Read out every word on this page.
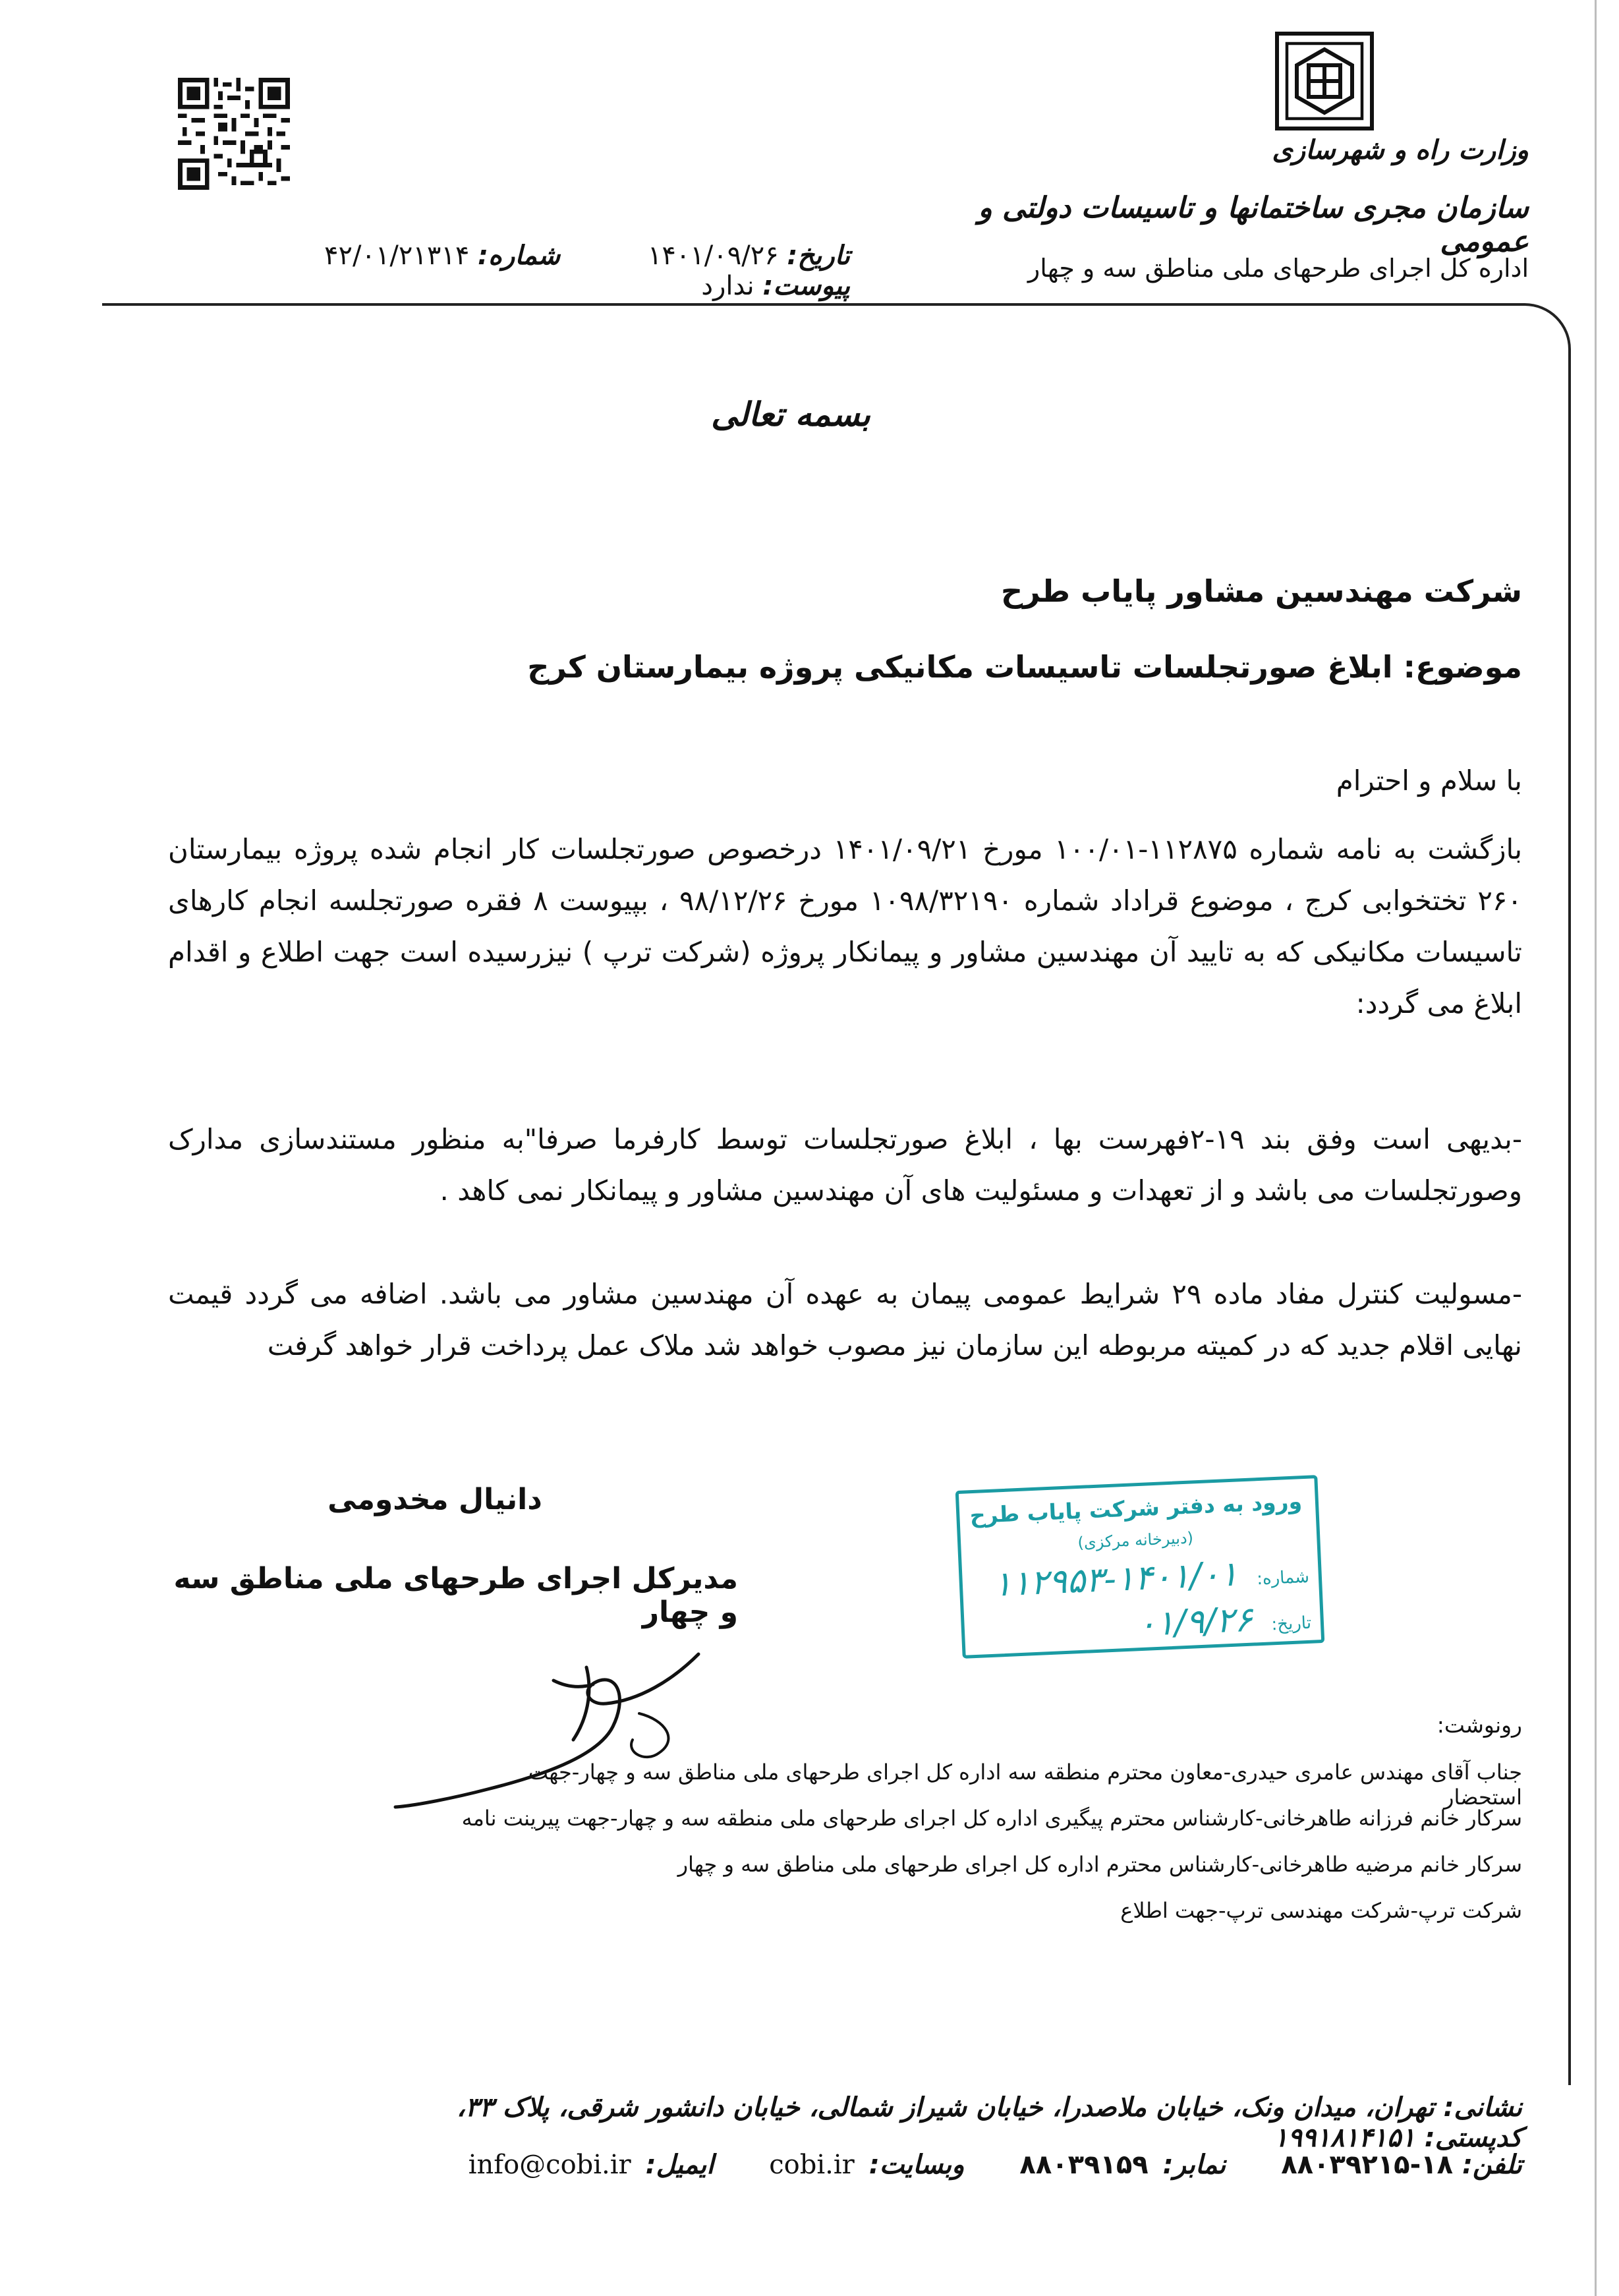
وزارت راه و شهرسازی
سازمان مجری ساختمانها و تاسیسات دولتی و عمومی
اداره کل اجرای طرحهای ملی مناطق سه و چهار
شماره: ۴۲/۰۱/۲۱۳۱۴	تاریخ: ۱۴۰۱/۰۹/۲۶ پیوست: ندارد
بسمه تعالی
شرکت مهندسین مشاور پایاب طرح
موضوع: ابلاغ صورتجلسات تاسیسات مکانیکی پروژه بیمارستان کرج
با سلام و احترام
بازگشت به نامه شماره ۱۱۲۸۷۵-۱۰۰/۰۱ مورخ ۱۴۰۱/۰۹/۲۱ درخصوص صورتجلسات کار انجام شده پروژه بیمارستان ۲۶۰ تختخوابی کرج ، موضوع قراداد شماره ۱۰۹۸/۳۲۱۹۰ مورخ ۹۸/۱۲/۲۶ ، بپیوست ۸ فقره صورتجلسه انجام کارهای تاسیسات مکانیکی که به تایید آن مهندسین مشاور و پیمانکار پروژه (شرکت ترپ ) نیزرسیده است جهت اطلاع و اقدام ابلاغ می گردد:
-بدیهی است وفق بند ۱۹-۲فهرست بها ، ابلاغ صورتجلسات توسط کارفرما صرفا"به منظور مستندسازی مدارک وصورتجلسات می باشد و از تعهدات و مسئولیت های آن مهندسین مشاور و پیمانکار نمی کاهد .
-مسولیت کنترل مفاد ماده ۲۹ شرایط عمومی پیمان به عهده آن مهندسین مشاور می باشد. اضافه می گردد قیمت نهایی اقلام جدید که در کمیته مربوطه این سازمان نیز مصوب خواهد شد ملاک عمل پرداخت قرار خواهد گرفت
دانیال مخدومی
مدیرکل اجرای طرحهای ملی مناطق سه و چهار
ورود به دفتر شرکت پایاب طرح
(دبیرخانه مرکزی)
شماره: ۱۴۰۱/۰۱-۱۱۲۹۵۳
تاریخ: ۰۱/۹/۲۶
رونوشت:
جناب آقای مهندس عامری حیدری-معاون محترم منطقه سه اداره کل اجرای طرحهای ملی مناطق سه و چهار-جهت استحضار
سرکار خانم فرزانه طاهرخانی-کارشناس محترم پیگیری اداره کل اجرای طرحهای ملی منطقه سه و چهار-جهت پیرینت نامه
سرکار خانم مرضیه طاهرخانی-کارشناس محترم اداره کل اجرای طرحهای ملی مناطق سه و چهار
شرکت ترپ-شرکت مهندسی ترپ-جهت اطلاع
نشانی: تهران، میدان ونک، خیابان ملاصدرا، خیابان شیراز شمالی، خیابان دانشور شرقی، پلاک ۳۳، کدپستی: ۱۹۹۱۸۱۴۱۵۱
تلفن: ۱۸-۸۸۰۳۹۲۱۵ نمابر: ۸۸۰۳۹۱۵۹ وبسایت: cobi.ir ایمیل: info@cobi.ir
